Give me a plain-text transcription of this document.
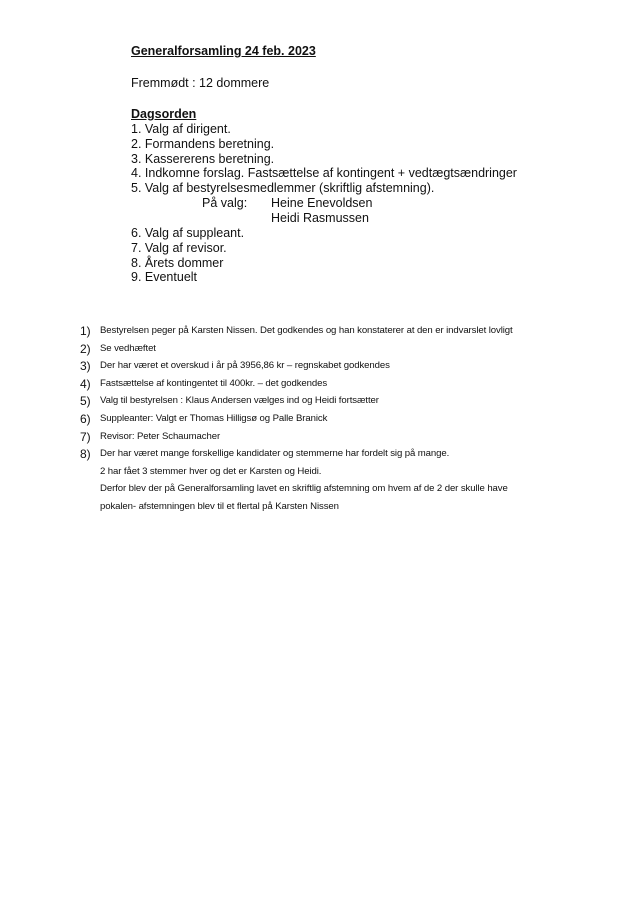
Generalforsamling 24 feb. 2023
Fremmødt : 12 dommere
Dagsorden
1. Valg af dirigent.
2. Formandens beretning.
3. Kassererens beretning.
4. Indkomne forslag. Fastsættelse af kontingent + vedtægtsændringer
5. Valg af bestyrelsesmedlemmer (skriftlig afstemning).
På valg: Heine Enevoldsen
Heidi Rasmussen
6. Valg af suppleant.
7. Valg af revisor.
8. Årets dommer
9. Eventuelt
1) Bestyrelsen peger på Karsten Nissen. Det godkendes og han konstaterer at den er indvarslet lovligt
2) Se vedhæftet
3) Der har været et overskud i år på 3956,86 kr – regnskabet godkendes
4) Fastsættelse af kontingentet til 400kr. – det godkendes
5) Valg til bestyrelsen : Klaus Andersen vælges ind og Heidi fortsætter
6) Suppleanter: Valgt er Thomas Hilligsø og Palle Branick
7) Revisor: Peter Schaumacher
8) Der har været mange forskellige kandidater og stemmerne har fordelt sig på mange.
2 har fået 3 stemmer hver og det er Karsten og Heidi.
Derfor blev der på Generalforsamling lavet en skriftlig afstemning om hvem af de 2 der skulle have
pokalen- afstemningen blev til et flertal på Karsten Nissen
